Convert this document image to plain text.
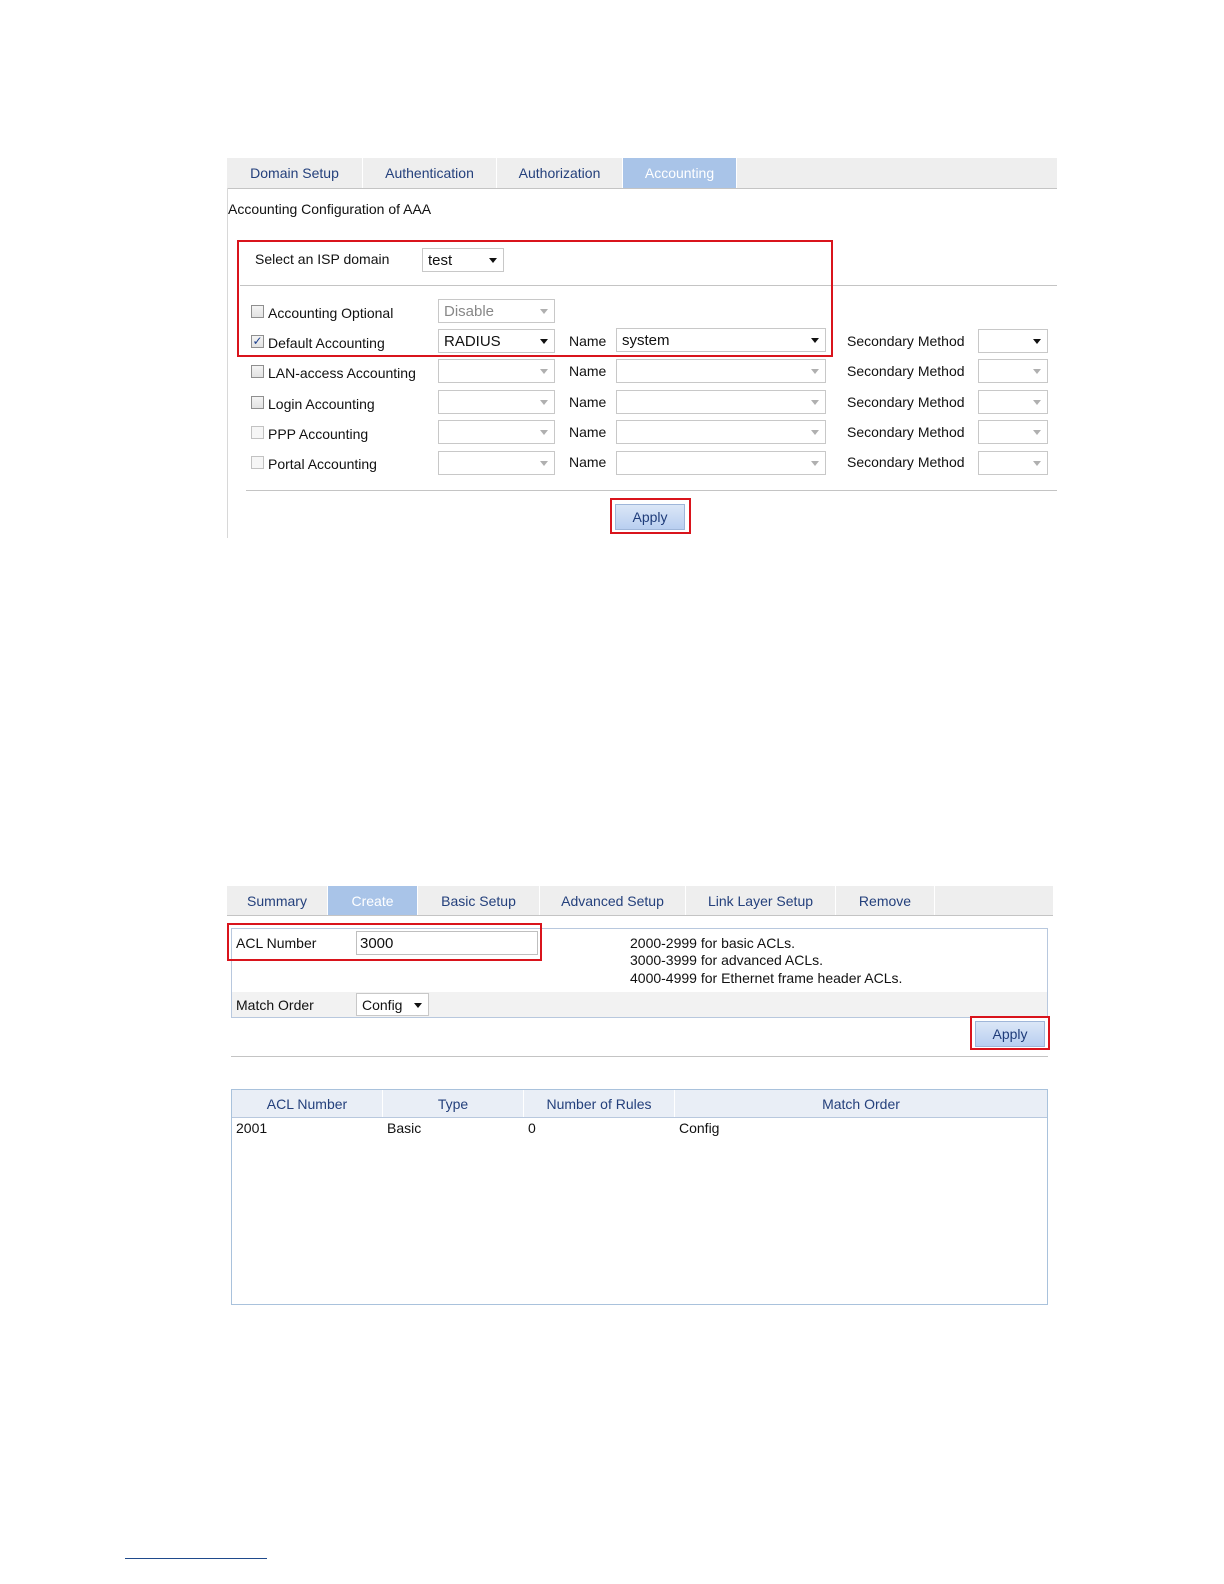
Domain Setup	Authentication	Authorization	Accounting
Accounting Configuration of AAA
Select an ISP domain	test
Accounting Optional	Disable
✓ Default Accounting	RADIUS	Name system	Secondary Method
LAN-access Accounting	Name	Secondary Method
Login Accounting	Name	Secondary Method
PPP Accounting	Name	Secondary Method
Portal Accounting	Name	Secondary Method
Apply
Summary	Create	Basic Setup	Advanced Setup	Link Layer Setup	Remove
ACL Number	3000	2000-2999 for basic ACLs.
3000-3999 for advanced ACLs.
4000-4999 for Ethernet frame header ACLs.
Match Order	Config
Apply
ACL Number	Type	Number of Rules	Match Order
2001	Basic	0	Config
